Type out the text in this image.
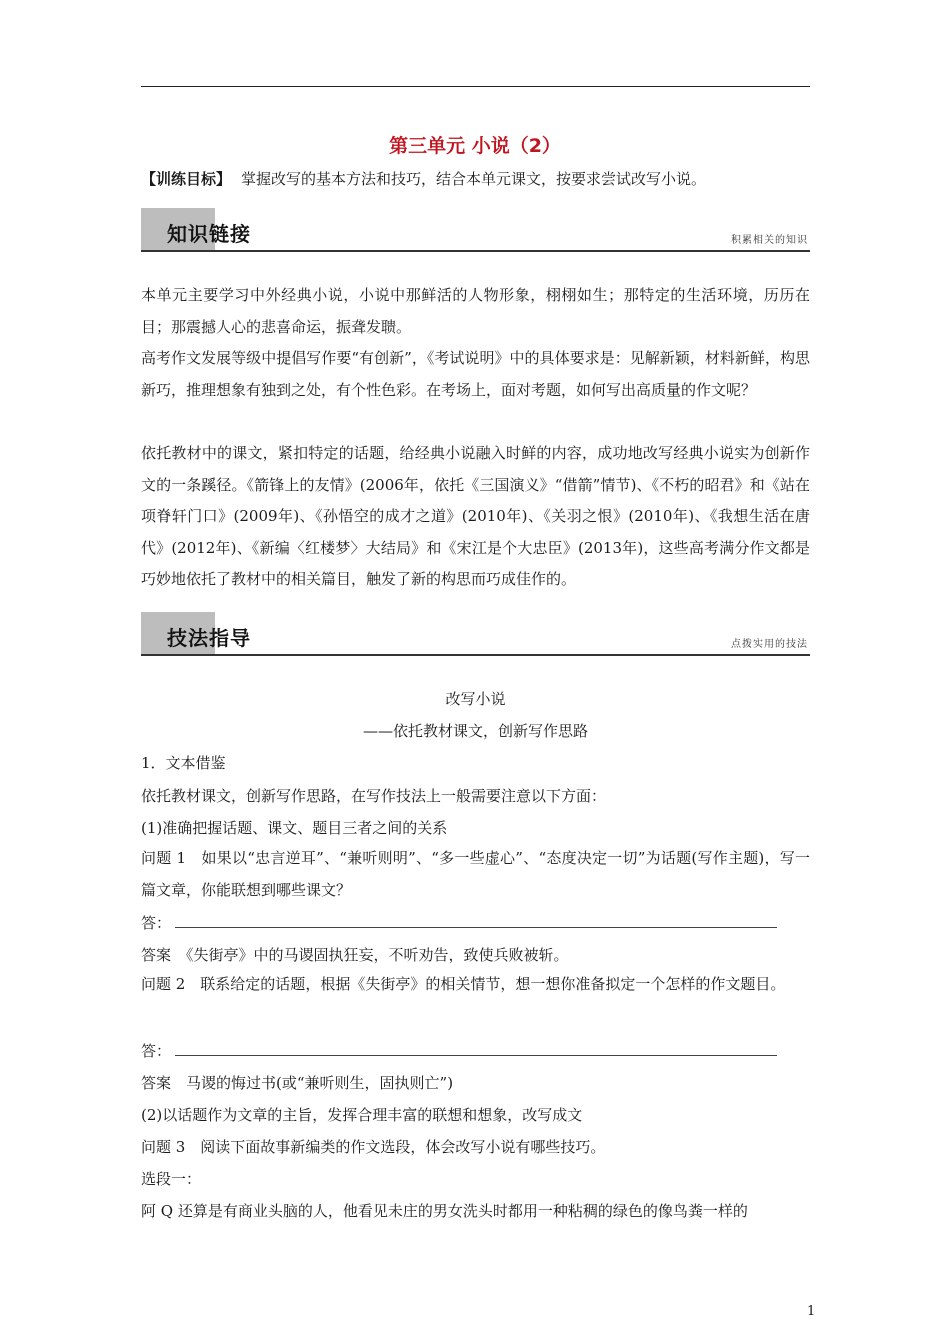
第三单元 小说（2）
【训练目标】 掌握改写的基本方法和技巧，结合本单元课文，按要求尝试改写小说。
知识链接	积累相关的知识
本单元主要学习中外经典小说，小说中那鲜活的人物形象，栩栩如生；那特定的生活环境，历历在目；那震撼人心的悲喜命运，振聋发聩。
高考作文发展等级中提倡写作要“有创新”，《考试说明》中的具体要求是：见解新颖，材料新鲜，构思新巧，推理想象有独到之处，有个性色彩。在考场上，面对考题，如何写出高质量的作文呢？
依托教材中的课文，紧扣特定的话题，给经典小说融入时鲜的内容，成功地改写经典小说实为创新作文的一条蹊径。《箭锋上的友情》(2006年，依托《三国演义》“借箭”情节)、《不朽的昭君》和《站在项脊轩门口》(2009年)、《孙悟空的成才之道》(2010年)、《关羽之恨》(2010年)、《我想生活在唐代》(2012年)、《新编〈红楼梦〉大结局》和《宋江是个大忠臣》(2013年)，这些高考满分作文都是巧妙地依托了教材中的相关篇目，触发了新的构思而巧成佳作的。
技法指导	点拨实用的技法
改写小说
——依托教材课文，创新写作思路
1．文本借鉴
依托教材课文，创新写作思路，在写作技法上一般需要注意以下方面：
(1)准确把握话题、课文、题目三者之间的关系
问题 1　如果以“忠言逆耳”、“兼听则明”、“多一些虚心”、“态度决定一切”为话题(写作主题)，写一篇文章，你能联想到哪些课文？
答：
答案　《失街亭》中的马谡固执狂妄，不听劝告，致使兵败被斩。
问题 2　联系给定的话题，根据《失街亭》的相关情节，想一想你准备拟定一个怎样的作文题目。
答：
答案　马谡的悔过书(或“兼听则生，固执则亡”)
(2)以话题作为文章的主旨，发挥合理丰富的联想和想象，改写成文
问题 3　阅读下面故事新编类的作文选段，体会改写小说有哪些技巧。
选段一：
阿 Q 还算是有商业头脑的人，他看见未庄的男女洗头时都用一种粘稠的绿色的像鸟粪一样的
1
